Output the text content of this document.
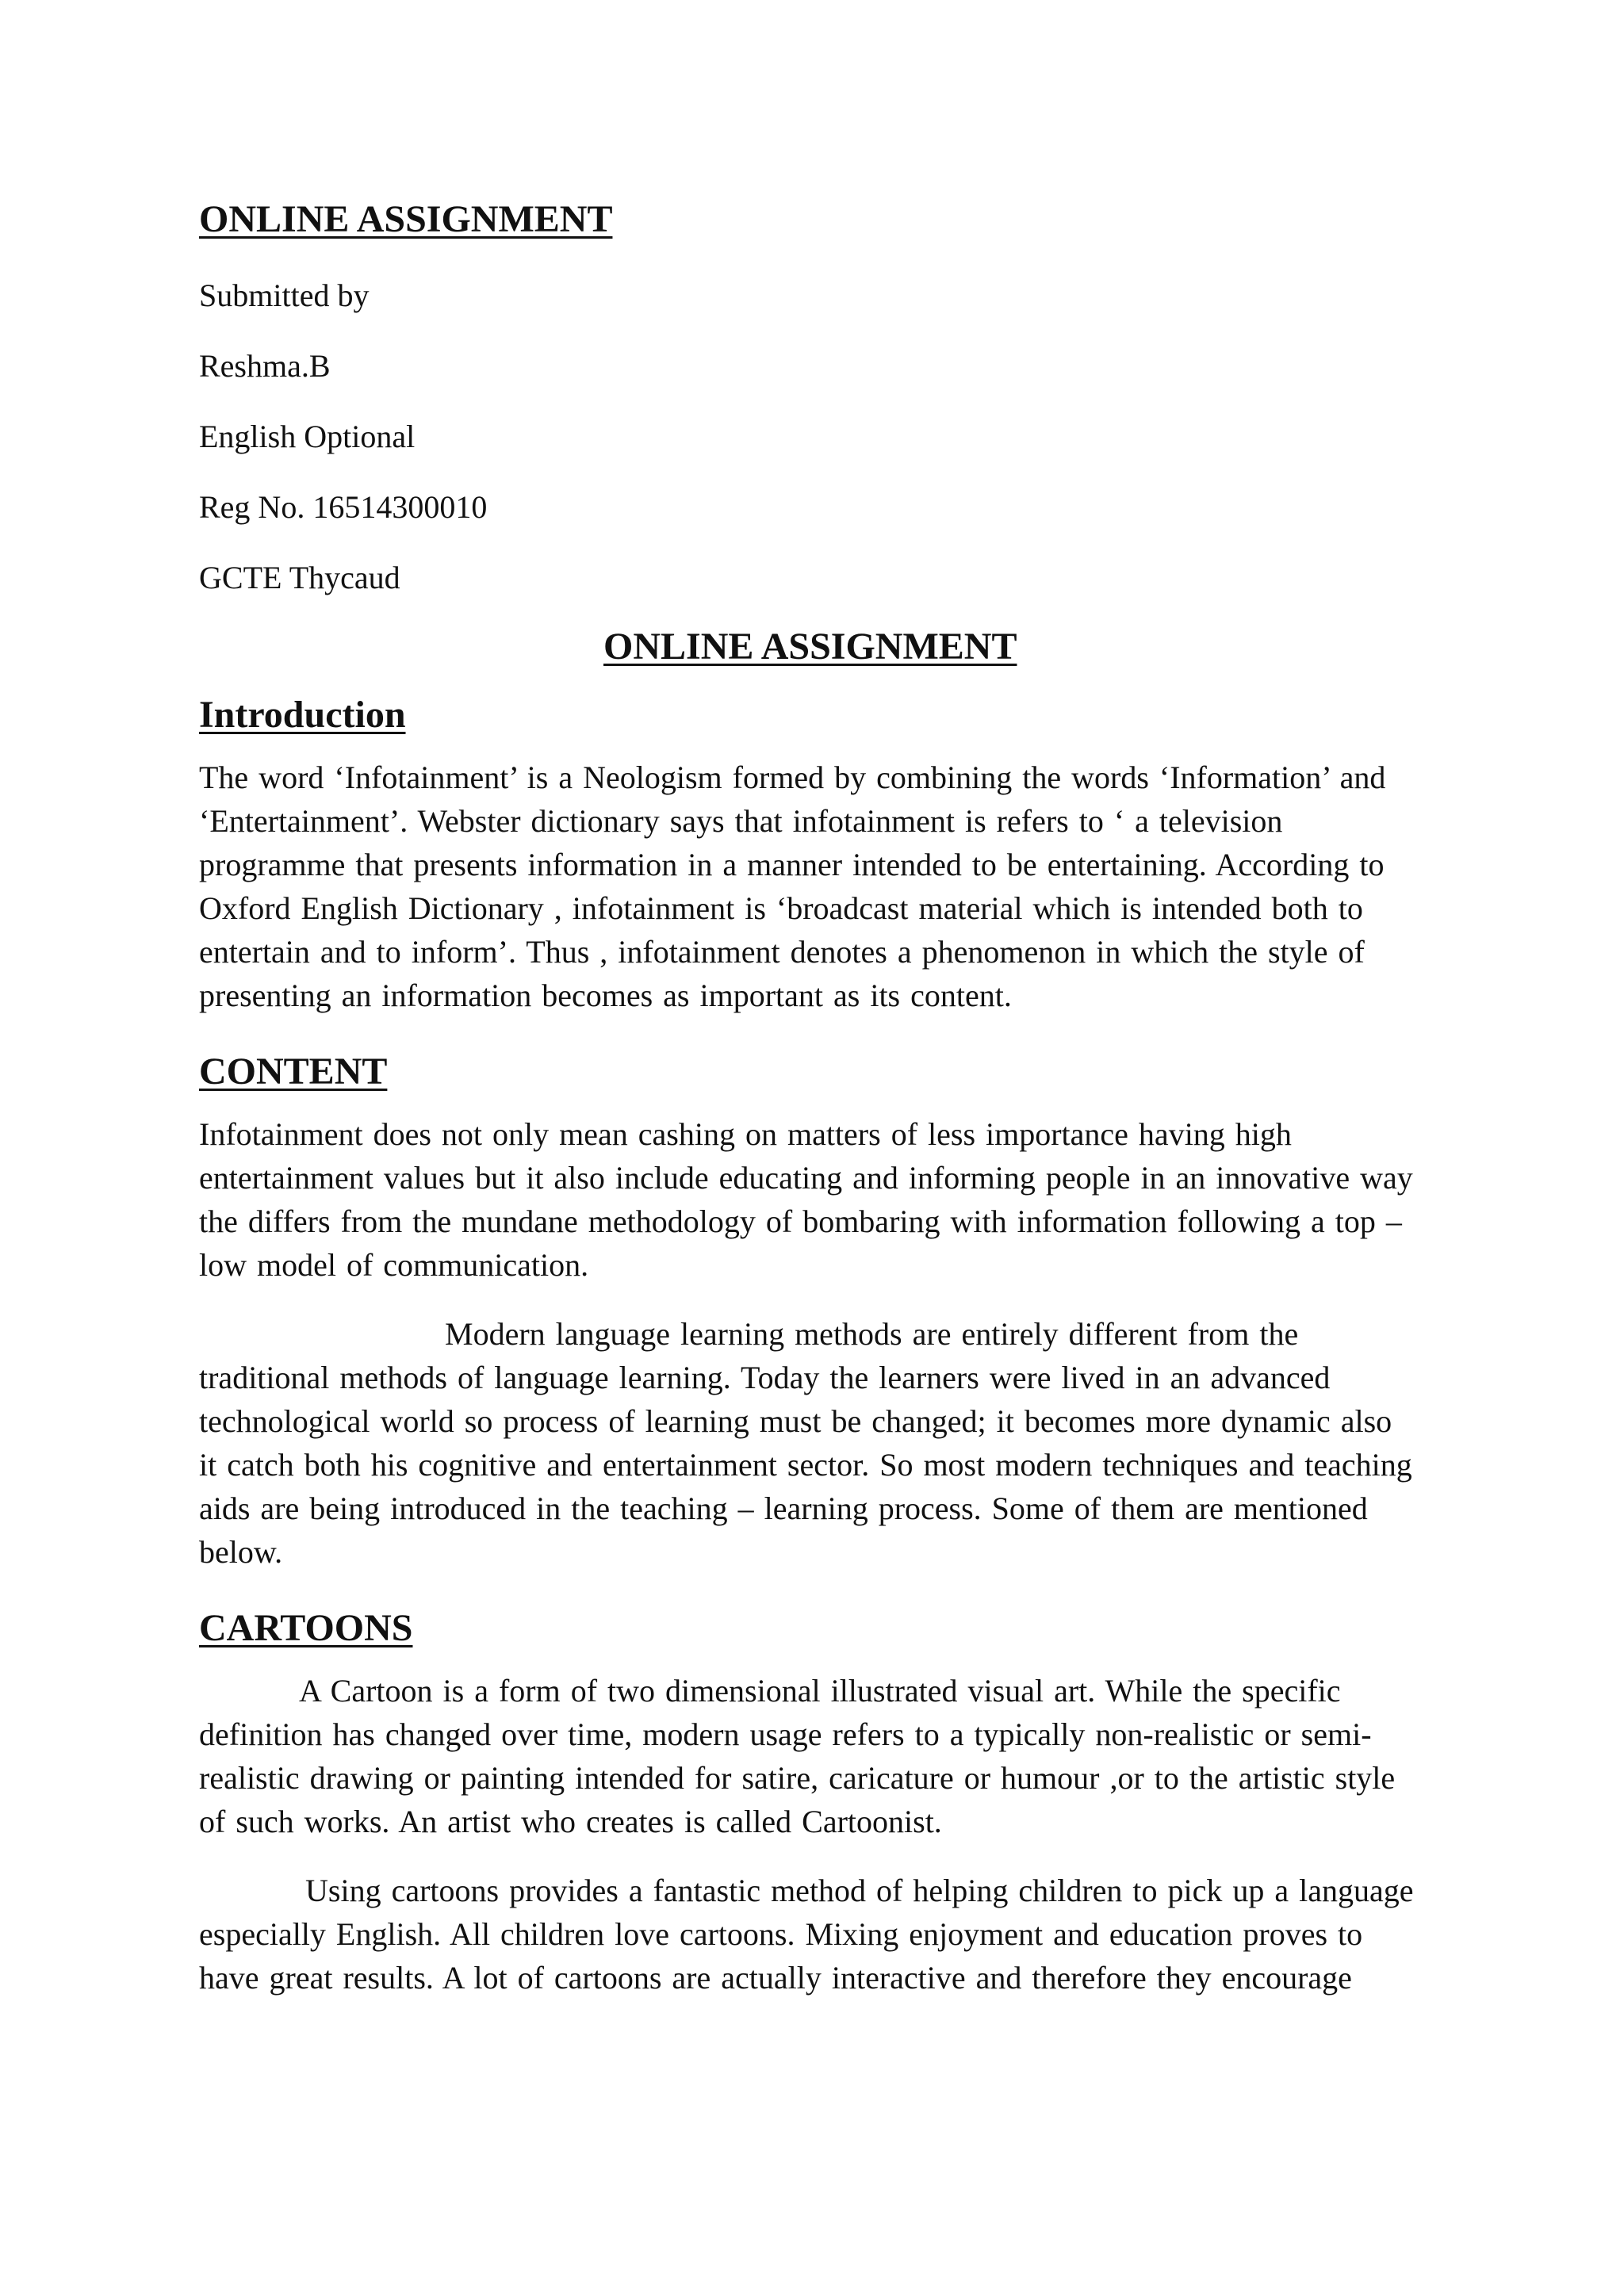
ONLINE ASSIGNMENT
Submitted by
Reshma.B
English Optional
Reg No. 16514300010
GCTE Thycaud
ONLINE ASSIGNMENT
Introduction
The word ‘Infotainment’ is a Neologism formed by combining the words ‘Information’ and
‘Entertainment’. Webster dictionary says that infotainment is refers to ‘ a television
programme that presents information in a manner intended to be entertaining. According to
Oxford English Dictionary , infotainment is ‘broadcast material which is intended both to
entertain and to inform’. Thus , infotainment denotes a phenomenon in which the style of
presenting an information becomes as important as its content.
CONTENT
Infotainment does not only mean cashing on matters of less importance having high
entertainment values but it also include educating and informing people in an innovative way
the differs from the mundane methodology of bombaring with information following a top –
low model of communication.
Modern language learning methods are entirely different from the
traditional methods of language learning. Today the learners were lived in an advanced
technological world so process of learning must be changed; it becomes more dynamic also
it catch both his cognitive and entertainment sector. So most modern techniques and teaching
aids are being introduced in the teaching – learning process. Some of them are mentioned
below.
CARTOONS
A Cartoon is a form of two dimensional illustrated visual art. While the specific
definition has changed over time, modern usage refers to a typically non-realistic or semi-
realistic drawing or painting intended for satire, caricature or humour ,or to the artistic style
of such works. An artist who creates is called Cartoonist.
Using cartoons provides a fantastic method of helping children to pick up a language
especially English. All children love cartoons. Mixing enjoyment and education proves to
have great results. A lot of cartoons are actually interactive and therefore they encourage
